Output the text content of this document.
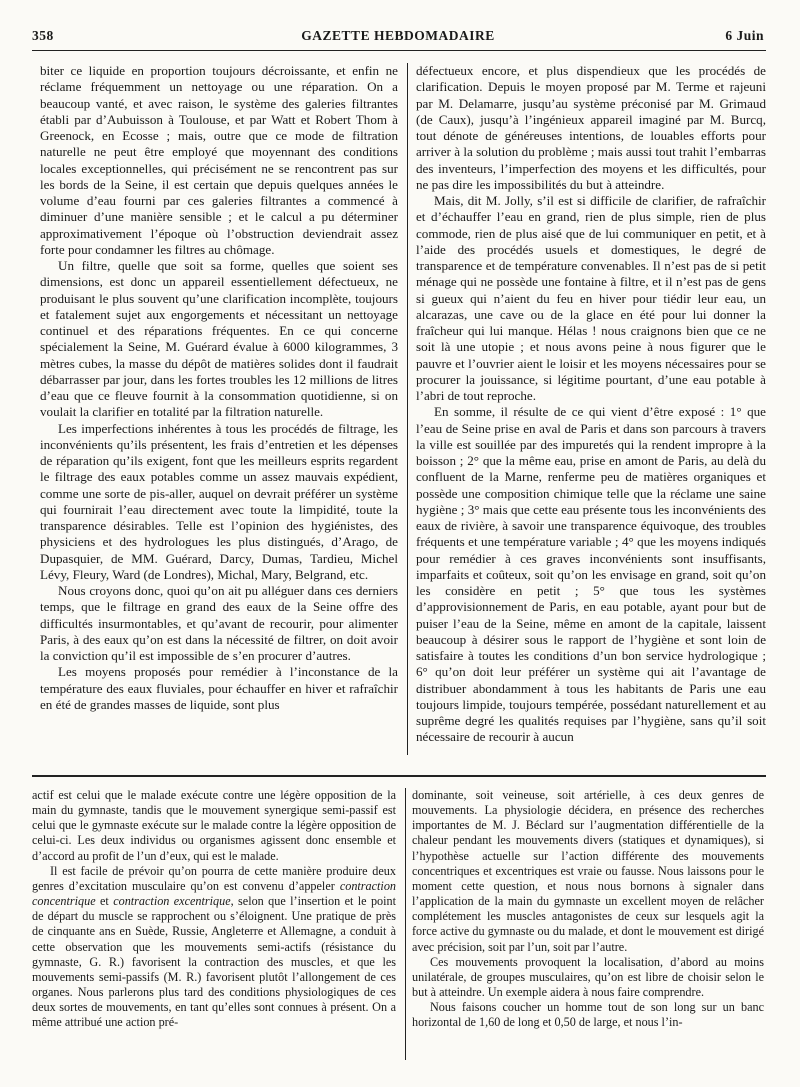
358	GAZETTE HEBDOMADAIRE	6 Juin

biter ce liquide en proportion toujours décroissante, et enfin ne réclame fréquemment un nettoyage ou une réparation. On a beaucoup vanté, et avec raison, le système des galeries filtrantes établi par d’Aubuisson à Toulouse, et par Watt et Robert Thom à Greenock, en Ecosse ; mais, outre que ce mode de filtration naturelle ne peut être employé que moyennant des conditions locales exceptionnelles, qui précisément ne se rencontrent pas sur les bords de la Seine, il est certain que depuis quelques années le volume d’eau fourni par ces galeries filtrantes a commencé à diminuer d’une manière sensible ; et le calcul a pu déterminer approximativement l’époque où l’obstruction deviendrait assez forte pour condamner les filtres au chômage.

Un filtre, quelle que soit sa forme, quelles que soient ses dimensions, est donc un appareil essentiellement défectueux, ne produisant le plus souvent qu’une clarification incomplète, toujours et fatalement sujet aux engorgements et nécessitant un nettoyage continuel et des réparations fréquentes. En ce qui concerne spécialement la Seine, M. Guérard évalue à 6000 kilogrammes, 3 mètres cubes, la masse du dépôt de matières solides dont il faudrait débarrasser par jour, dans les fortes troubles les 12 millions de litres d’eau que ce fleuve fournit à la consommation quotidienne, si on voulait la clarifier en totalité par la filtration naturelle.

Les imperfections inhérentes à tous les procédés de filtrage, les inconvénients qu’ils présentent, les frais d’entretien et les dépenses de réparation qu’ils exigent, font que les meilleurs esprits regardent le filtrage des eaux potables comme un assez mauvais expédient, comme une sorte de pis-aller, auquel on devrait préférer un système qui fournirait l’eau directement avec toute la limpidité, toute la transparence désirables. Telle est l’opinion des hygiénistes, des physiciens et des hydrologues les plus distingués, d’Arago, de Dupasquier, de MM. Guérard, Darcy, Dumas, Tardieu, Michel Lévy, Fleury, Ward (de Londres), Michal, Mary, Belgrand, etc.

Nous croyons donc, quoi qu’on ait pu alléguer dans ces derniers temps, que le filtrage en grand des eaux de la Seine offre des difficultés insurmontables, et qu’avant de recourir, pour alimenter Paris, à des eaux qu’on est dans la nécessité de filtrer, on doit avoir la conviction qu’il est impossible de s’en procurer d’autres.

Les moyens proposés pour remédier à l’inconstance de la température des eaux fluviales, pour échauffer en hiver et rafraîchir en été de grandes masses de liquide, sont plus

défectueux encore, et plus dispendieux que les procédés de clarification. Depuis le moyen proposé par M. Terme et rajeuni par M. Delamarre, jusqu’au système préconisé par M. Grimaud (de Caux), jusqu’à l’ingénieux appareil imaginé par M. Burcq, tout dénote de généreuses intentions, de louables efforts pour arriver à la solution du problème ; mais aussi tout trahit l’embarras des inventeurs, l’imperfection des moyens et les difficultés, pour ne pas dire les impossibilités du but à atteindre.

Mais, dit M. Jolly, s’il est si difficile de clarifier, de rafraîchir et d’échauffer l’eau en grand, rien de plus simple, rien de plus commode, rien de plus aisé que de lui communiquer en petit, et à l’aide des procédés usuels et domestiques, le degré de transparence et de température convenables. Il n’est pas de si petit ménage qui ne possède une fontaine à filtre, et il n’est pas de gens si gueux qui n’aient du feu en hiver pour tiédir leur eau, un alcarazas, une cave ou de la glace en été pour lui donner la fraîcheur qui lui manque. Hélas ! nous craignons bien que ce ne soit là une utopie ; et nous avons peine à nous figurer que le pauvre et l’ouvrier aient le loisir et les moyens nécessaires pour se procurer la jouissance, si légitime pourtant, d’une eau potable à l’abri de tout reproche.

En somme, il résulte de ce qui vient d’être exposé : 1° que l’eau de Seine prise en aval de Paris et dans son parcours à travers la ville est souillée par des impuretés qui la rendent impropre à la boisson ; 2° que la même eau, prise en amont de Paris, au delà du confluent de la Marne, renferme peu de matières organiques et possède une composition chimique telle que la réclame une saine hygiène ; 3° mais que cette eau présente tous les inconvénients des eaux de rivière, à savoir une transparence équivoque, des troubles fréquents et une température variable ; 4° que les moyens indiqués pour remédier à ces graves inconvénients sont insuffisants, imparfaits et coûteux, soit qu’on les envisage en grand, soit qu’on les considère en petit ; 5° que tous les systèmes d’approvisionnement de Paris, en eau potable, ayant pour but de puiser l’eau de la Seine, même en amont de la capitale, laissent beaucoup à désirer sous le rapport de l’hygiène et sont loin de satisfaire à toutes les conditions d’un bon service hydrologique ; 6° qu’on doit leur préférer un système qui ait l’avantage de distribuer abondamment à tous les habitants de Paris une eau toujours limpide, toujours tempérée, possédant naturellement et au suprême degré les qualités requises par l’hygiène, sans qu’il soit nécessaire de recourir à aucun

actif est celui que le malade exécute contre une légère opposition de la main du gymnaste, tandis que le mouvement synergique semi-passif est celui que le gymnaste exécute sur le malade contre la légère opposition de celui-ci. Les deux individus ou organismes agissent donc ensemble et d’accord au profit de l’un d’eux, qui est le malade.

Il est facile de prévoir qu’on pourra de cette manière produire deux genres d’excitation musculaire qu’on est convenu d’appeler contraction concentrique et contraction excentrique, selon que l’insertion et le point de départ du muscle se rapprochent ou s’éloignent. Une pratique de près de cinquante ans en Suède, Russie, Angleterre et Allemagne, a conduit à cette observation que les mouvements semi-actifs (résistance du gymnaste, G. R.) favorisent la contraction des muscles, et que les mouvements semi-passifs (M. R.) favorisent plutôt l’allongement de ces organes. Nous parlerons plus tard des conditions physiologiques de ces deux sortes de mouvements, en tant qu’elles sont connues à présent. On a même attribué une action pré-

dominante, soit veineuse, soit artérielle, à ces deux genres de mouvements. La physiologie décidera, en présence des recherches importantes de M. J. Béclard sur l’augmentation différentielle de la chaleur pendant les mouvements divers (statiques et dynamiques), si l’hypothèse actuelle sur l’action différente des mouvements concentriques et excentriques est vraie ou fausse. Nous laissons pour le moment cette question, et nous nous bornons à signaler dans l’application de la main du gymnaste un excellent moyen de relâcher complétement les muscles antagonistes de ceux sur lesquels agit la force active du gymnaste ou du malade, et dont le mouvement est dirigé avec précision, soit par l’un, soit par l’autre.

Ces mouvements provoquent la localisation, d’abord au moins unilatérale, de groupes musculaires, qu’on est libre de choisir selon le but à atteindre. Un exemple aidera à nous faire comprendre.

Nous faisons coucher un homme tout de son long sur un banc horizontal de 1,60 de long et 0,50 de large, et nous l’in-
